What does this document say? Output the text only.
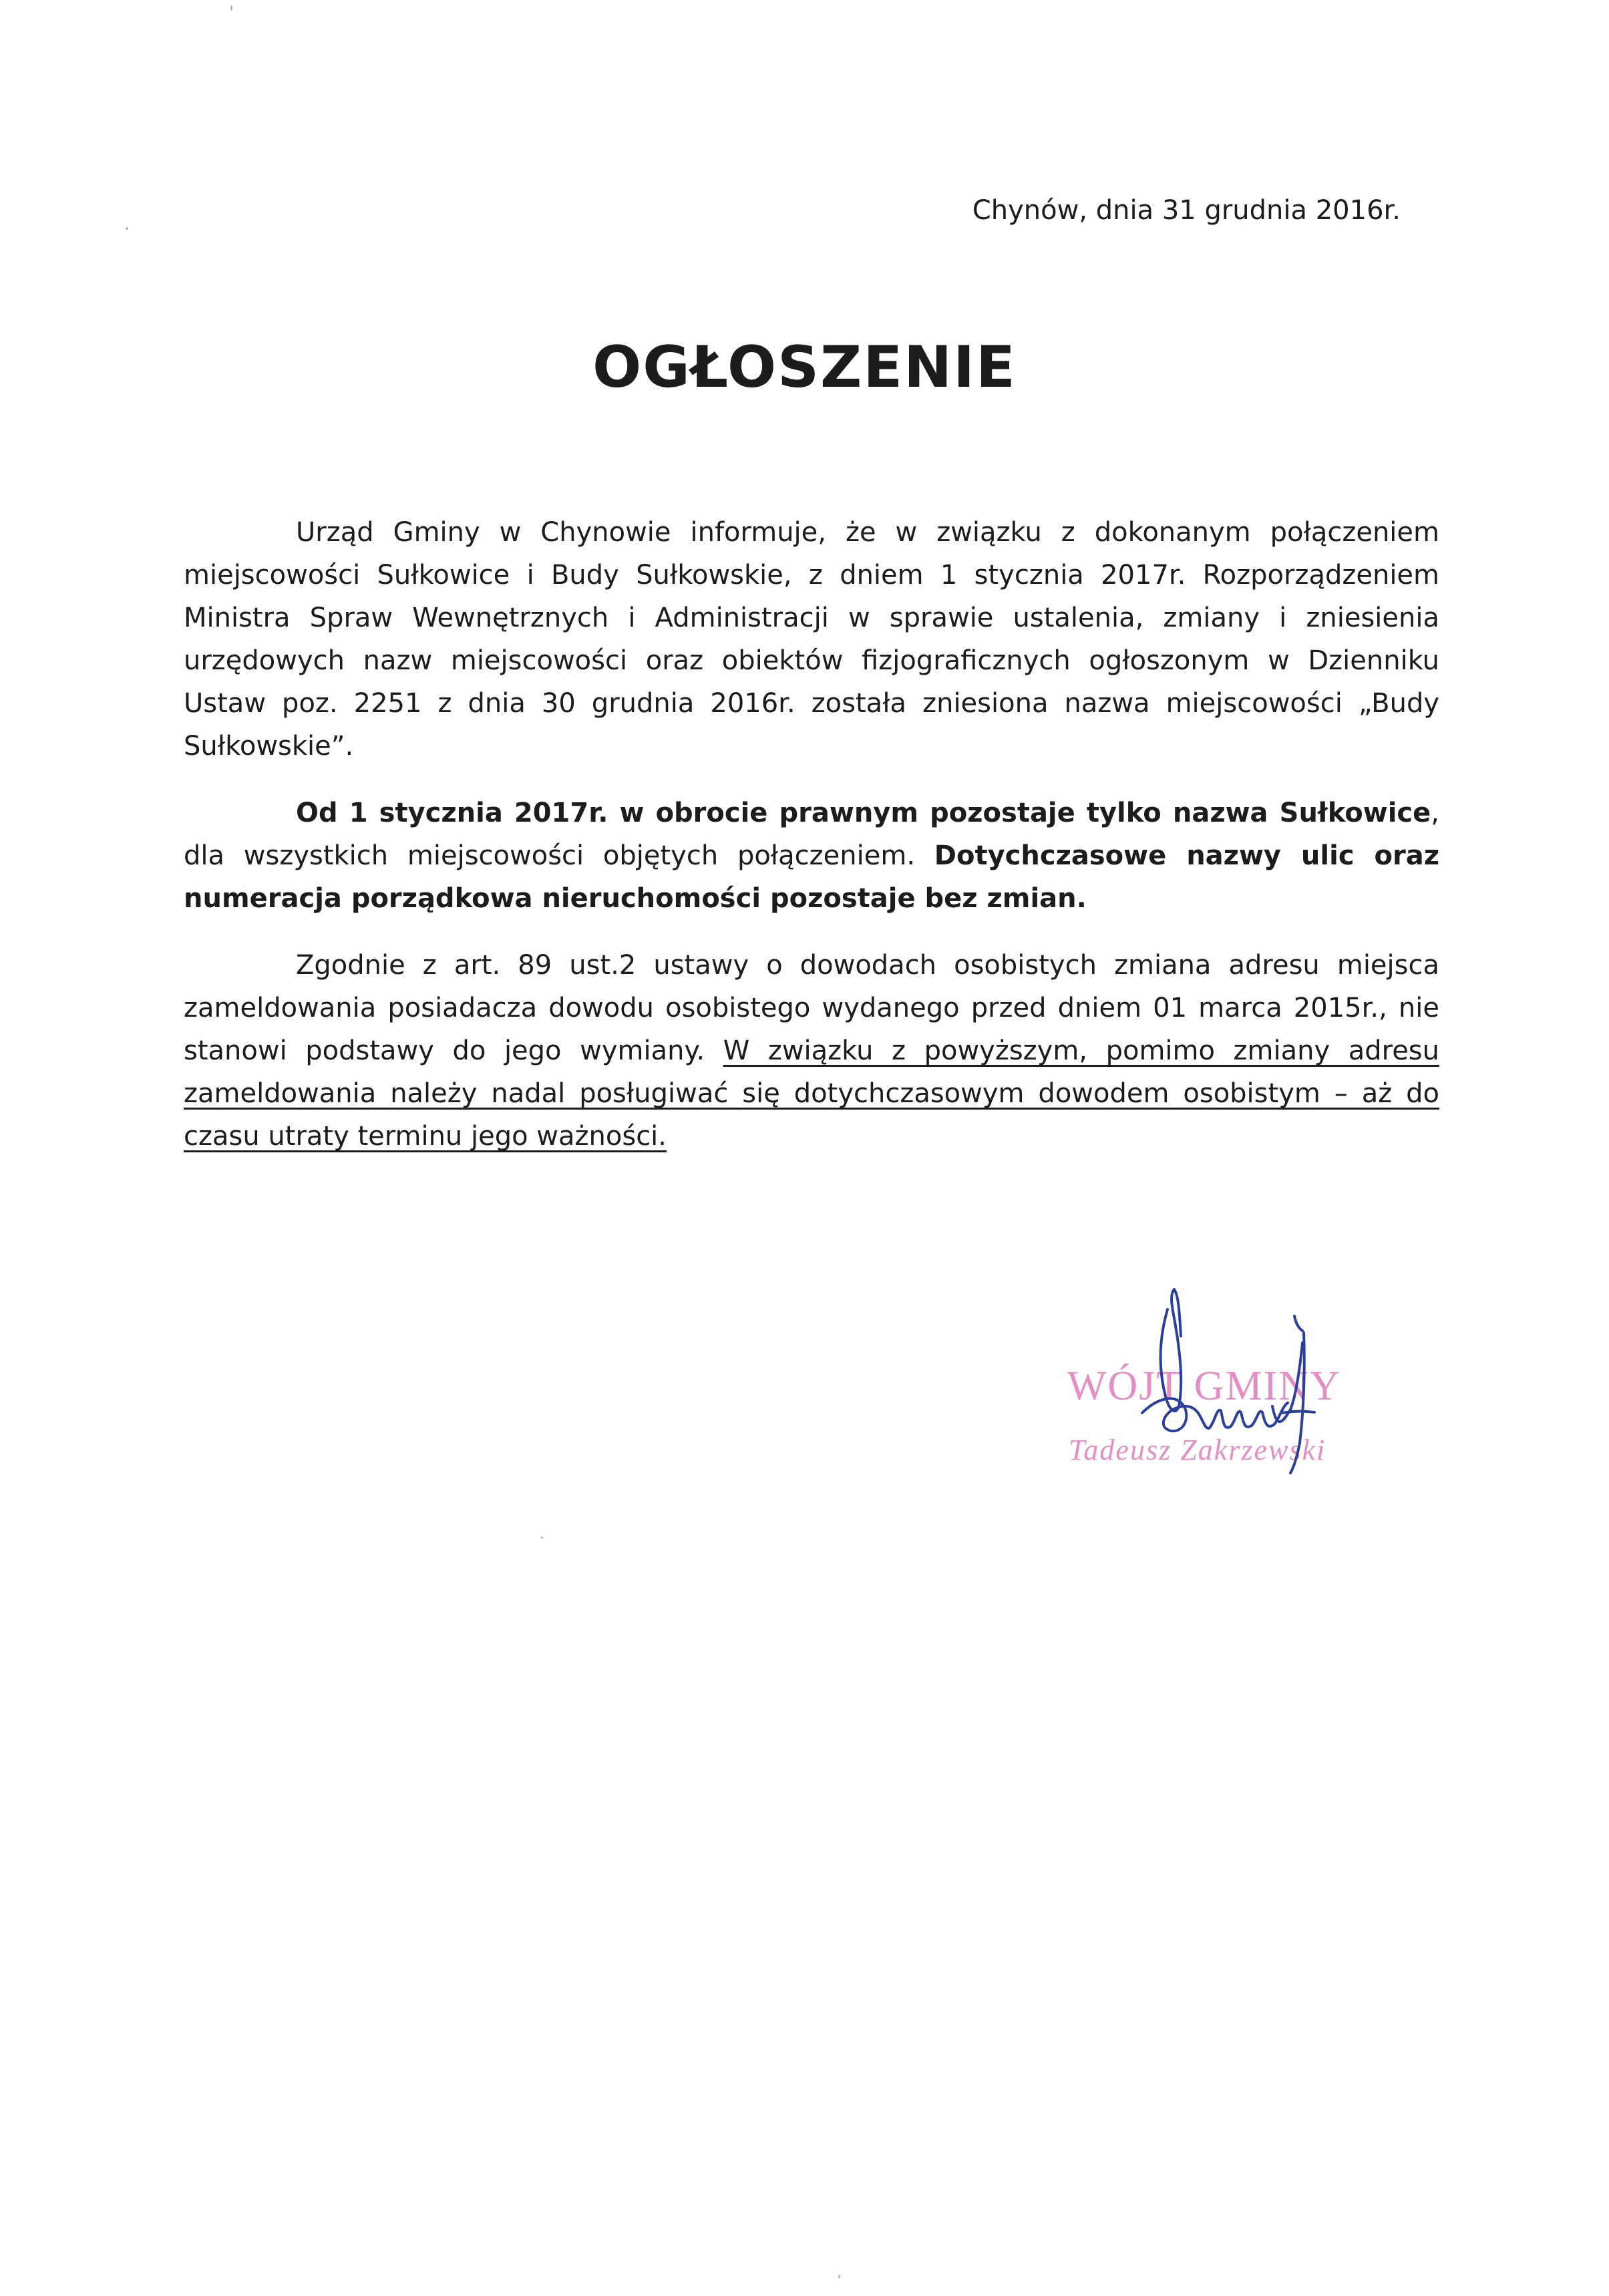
Chynów, dnia 31 grudnia 2016r.
OGŁOSZENIE

Urząd Gminy w Chynowie informuje, że w związku z dokonanym połączeniem miejscowości Sułkowice i Budy Sułkowskie, z dniem 1 stycznia 2017r. Rozporządzeniem Ministra Spraw Wewnętrznych i Administracji w sprawie ustalenia, zmiany i zniesienia urzędowych nazw miejscowości oraz obiektów fizjograficznych ogłoszonym w Dzienniku Ustaw poz. 2251 z dnia 30 grudnia 2016r. została zniesiona nazwa miejscowości „Budy Sułkowskie”.

Od 1 stycznia 2017r. w obrocie prawnym pozostaje tylko nazwa Sułkowice, dla wszystkich miejscowości objętych połączeniem. Dotychczasowe nazwy ulic oraz numeracja porządkowa nieruchomości pozostaje bez zmian.

Zgodnie z art. 89 ust.2 ustawy o dowodach osobistych zmiana adresu miejsca zameldowania posiadacza dowodu osobistego wydanego przed dniem 01 marca 2015r., nie stanowi podstawy do jego wymiany. W związku z powyższym, pomimo zmiany adresu zameldowania należy nadal posługiwać się dotychczasowym dowodem osobistym – aż do czasu utraty terminu jego ważności.

WÓJT GMINY
Tadeusz Zakrzewski
